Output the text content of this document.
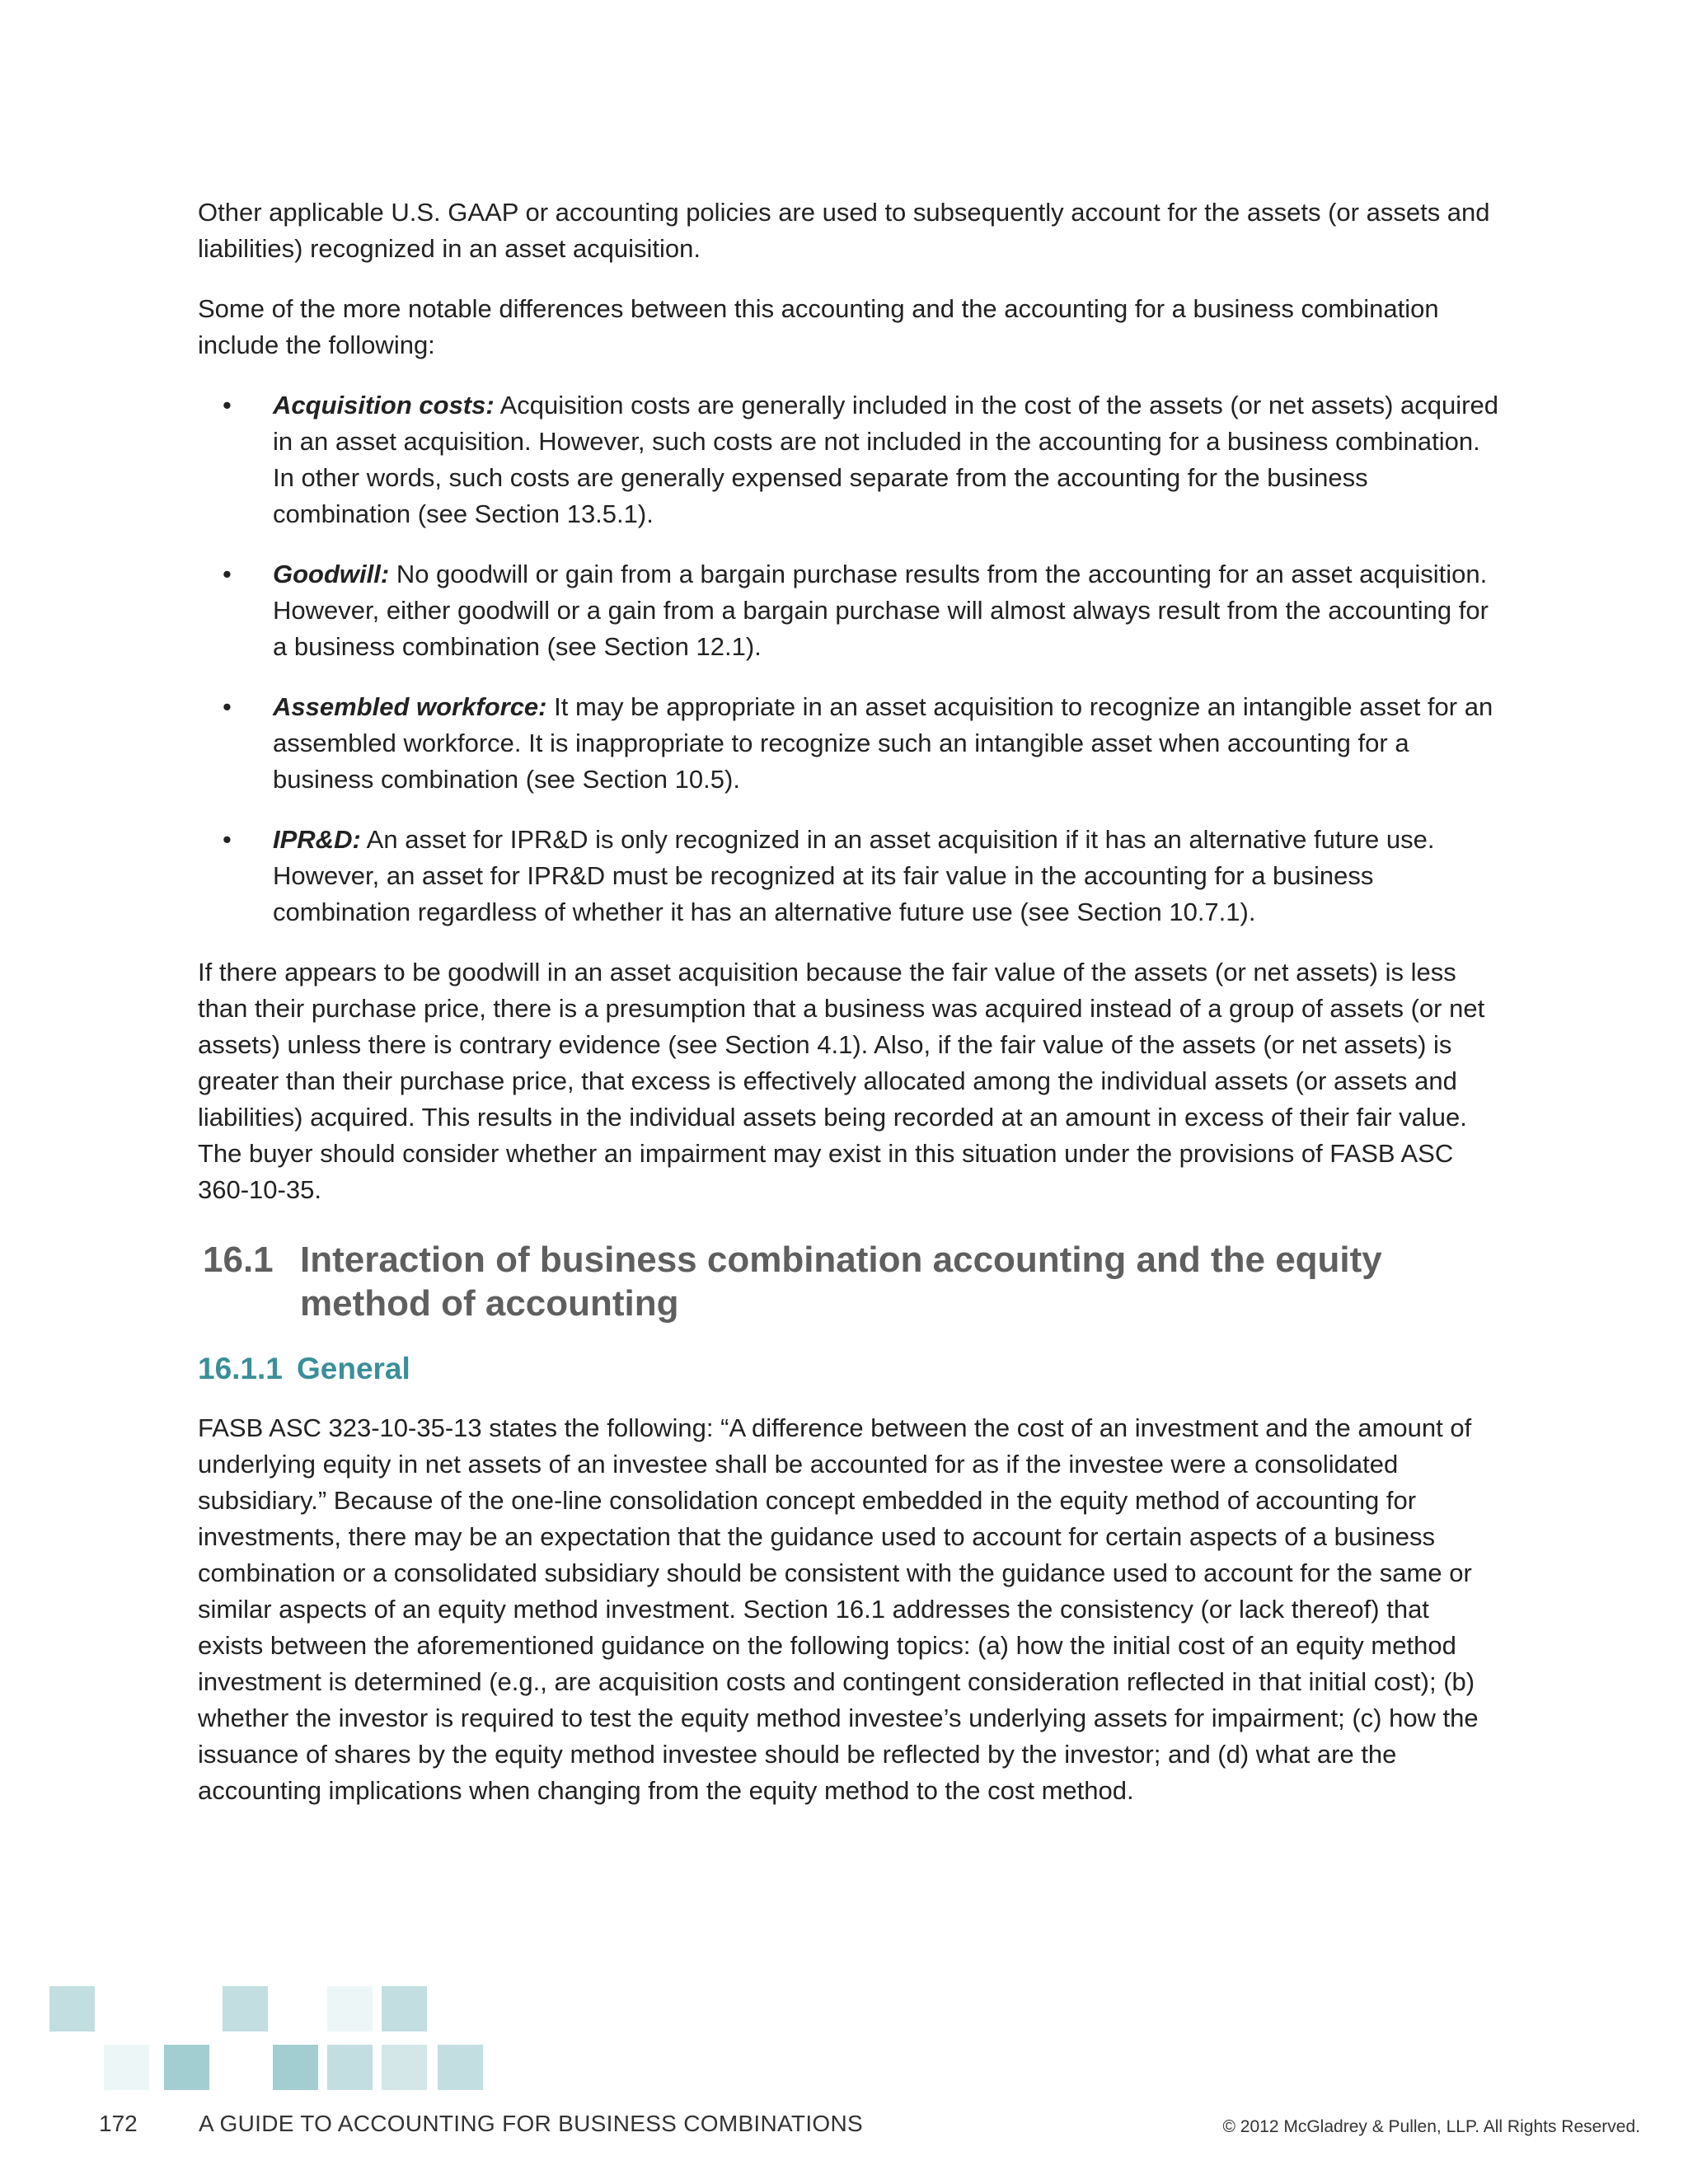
Other applicable U.S. GAAP or accounting policies are used to subsequently account for the assets (or assets and liabilities) recognized in an asset acquisition.

Some of the more notable differences between this accounting and the accounting for a business combination include the following:

• Acquisition costs: Acquisition costs are generally included in the cost of the assets (or net assets) acquired in an asset acquisition. However, such costs are not included in the accounting for a business combination. In other words, such costs are generally expensed separate from the accounting for the business combination (see Section 13.5.1).
• Goodwill: No goodwill or gain from a bargain purchase results from the accounting for an asset acquisition. However, either goodwill or a gain from a bargain purchase will almost always result from the accounting for a business combination (see Section 12.1).
• Assembled workforce: It may be appropriate in an asset acquisition to recognize an intangible asset for an assembled workforce. It is inappropriate to recognize such an intangible asset when accounting for a business combination (see Section 10.5).
• IPR&D: An asset for IPR&D is only recognized in an asset acquisition if it has an alternative future use. However, an asset for IPR&D must be recognized at its fair value in the accounting for a business combination regardless of whether it has an alternative future use (see Section 10.7.1).

If there appears to be goodwill in an asset acquisition because the fair value of the assets (or net assets) is less than their purchase price, there is a presumption that a business was acquired instead of a group of assets (or net assets) unless there is contrary evidence (see Section 4.1). Also, if the fair value of the assets (or net assets) is greater than their purchase price, that excess is effectively allocated among the individual assets (or assets and liabilities) acquired. This results in the individual assets being recorded at an amount in excess of their fair value. The buyer should consider whether an impairment may exist in this situation under the provisions of FASB ASC 360-10-35.

16.1 Interaction of business combination accounting and the equity method of accounting
16.1.1 General

FASB ASC 323-10-35-13 states the following: “A difference between the cost of an investment and the amount of underlying equity in net assets of an investee shall be accounted for as if the investee were a consolidated subsidiary.” Because of the one-line consolidation concept embedded in the equity method of accounting for investments, there may be an expectation that the guidance used to account for certain aspects of a business combination or a consolidated subsidiary should be consistent with the guidance used to account for the same or similar aspects of an equity method investment. Section 16.1 addresses the consistency (or lack thereof) that exists between the aforementioned guidance on the following topics: (a) how the initial cost of an equity method investment is determined (e.g., are acquisition costs and contingent consideration reflected in that initial cost); (b) whether the investor is required to test the equity method investee’s underlying assets for impairment; (c) how the issuance of shares by the equity method investee should be reflected by the investor; and (d) what are the accounting implications when changing from the equity method to the cost method.

172	A GUIDE TO ACCOUNTING FOR BUSINESS COMBINATIONS	© 2012 McGladrey & Pullen, LLP. All Rights Reserved.
